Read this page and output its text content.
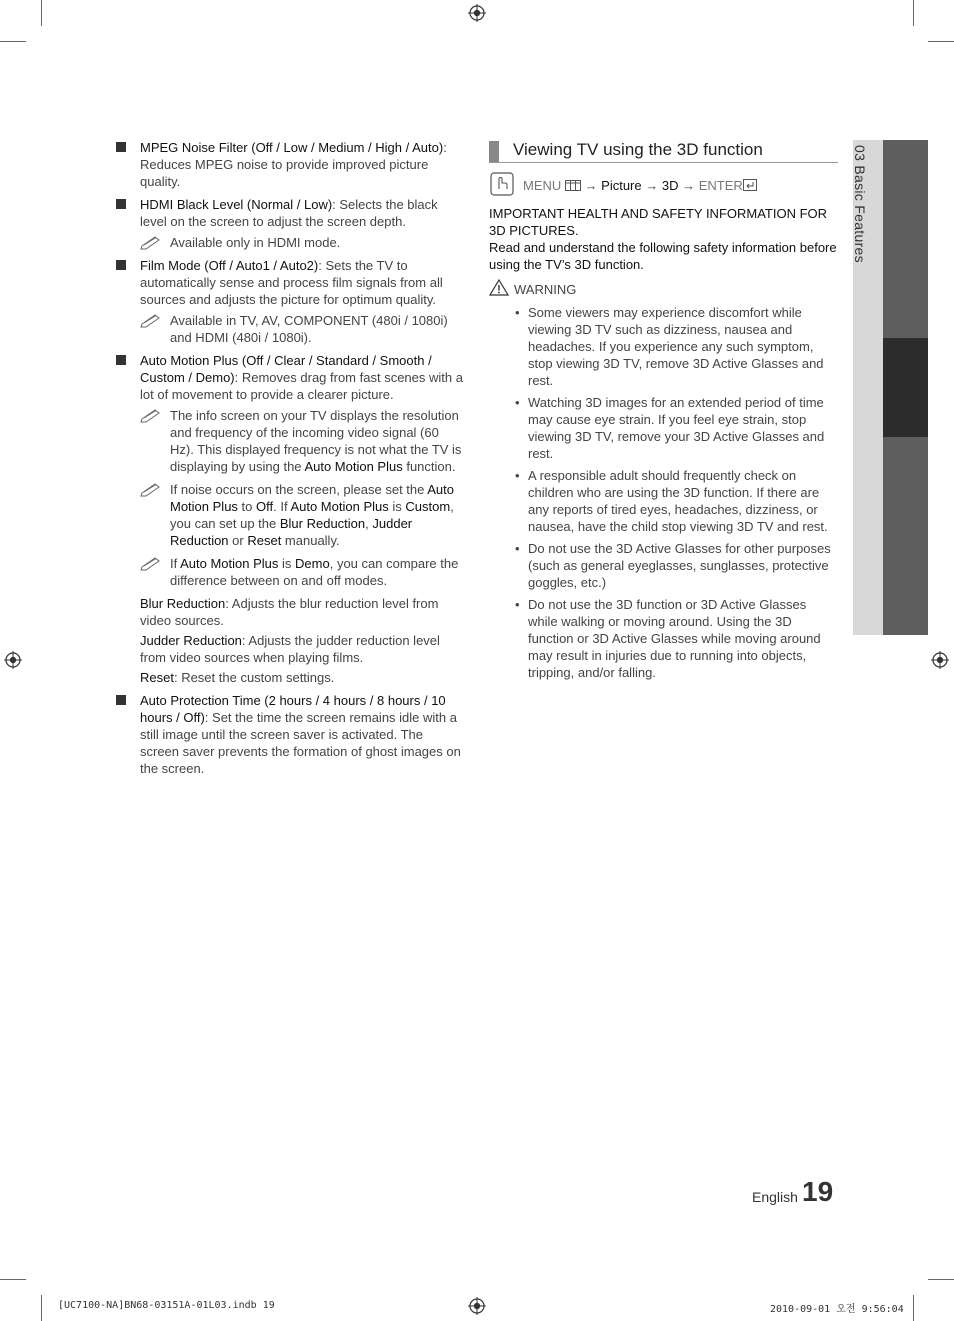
03 Basic Features
MPEG Noise Filter (Off / Low / Medium / High / Auto): Reduces MPEG noise to provide improved picture quality.
HDMI Black Level (Normal / Low): Selects the black level on the screen to adjust the screen depth.
Available only in HDMI mode.
Film Mode (Off / Auto1 / Auto2): Sets the TV to automatically sense and process film signals from all sources and adjusts the picture for optimum quality.
Available in TV, AV, COMPONENT (480i / 1080i) and HDMI (480i / 1080i).
Auto Motion Plus (Off / Clear / Standard / Smooth / Custom / Demo): Removes drag from fast scenes with a lot of movement to provide a clearer picture.
The info screen on your TV displays the resolution and frequency of the incoming video signal (60 Hz). This displayed frequency is not what the TV is displaying by using the Auto Motion Plus function.
If noise occurs on the screen, please set the Auto Motion Plus to Off. If Auto Motion Plus is Custom, you can set up the Blur Reduction, Judder Reduction or Reset manually.
If Auto Motion Plus is Demo, you can compare the difference between on and off modes.
Blur Reduction: Adjusts the blur reduction level from video sources.
Judder Reduction: Adjusts the judder reduction level from video sources when playing films.
Reset: Reset the custom settings.
Auto Protection Time (2 hours / 4 hours / 8 hours / 10 hours / Off): Set the time the screen remains idle with a still image until the screen saver is activated. The screen saver prevents the formation of ghost images on the screen.
Viewing TV using the 3D function
MENU → Picture → 3D → ENTER
IMPORTANT HEALTH AND SAFETY INFORMATION FOR 3D PICTURES.
Read and understand the following safety information before using the TV’s 3D function.
WARNING
• Some viewers may experience discomfort while viewing 3D TV such as dizziness, nausea and headaches. If you experience any such symptom, stop viewing 3D TV, remove 3D Active Glasses and rest.
• Watching 3D images for an extended period of time may cause eye strain. If you feel eye strain, stop viewing 3D TV, remove your 3D Active Glasses and rest.
• A responsible adult should frequently check on children who are using the 3D function. If there are any reports of tired eyes, headaches, dizziness, or nausea, have the child stop viewing 3D TV and rest.
• Do not use the 3D Active Glasses for other purposes (such as general eyeglasses, sunglasses, protective goggles, etc.)
• Do not use the 3D function or 3D Active Glasses while walking or moving around. Using the 3D function or 3D Active Glasses while moving around may result in injuries due to running into objects, tripping, and/or falling.
English 19
[UC7100-NA]BN68-03151A-01L03.indb 19	2010-09-01 오전 9:56:04
